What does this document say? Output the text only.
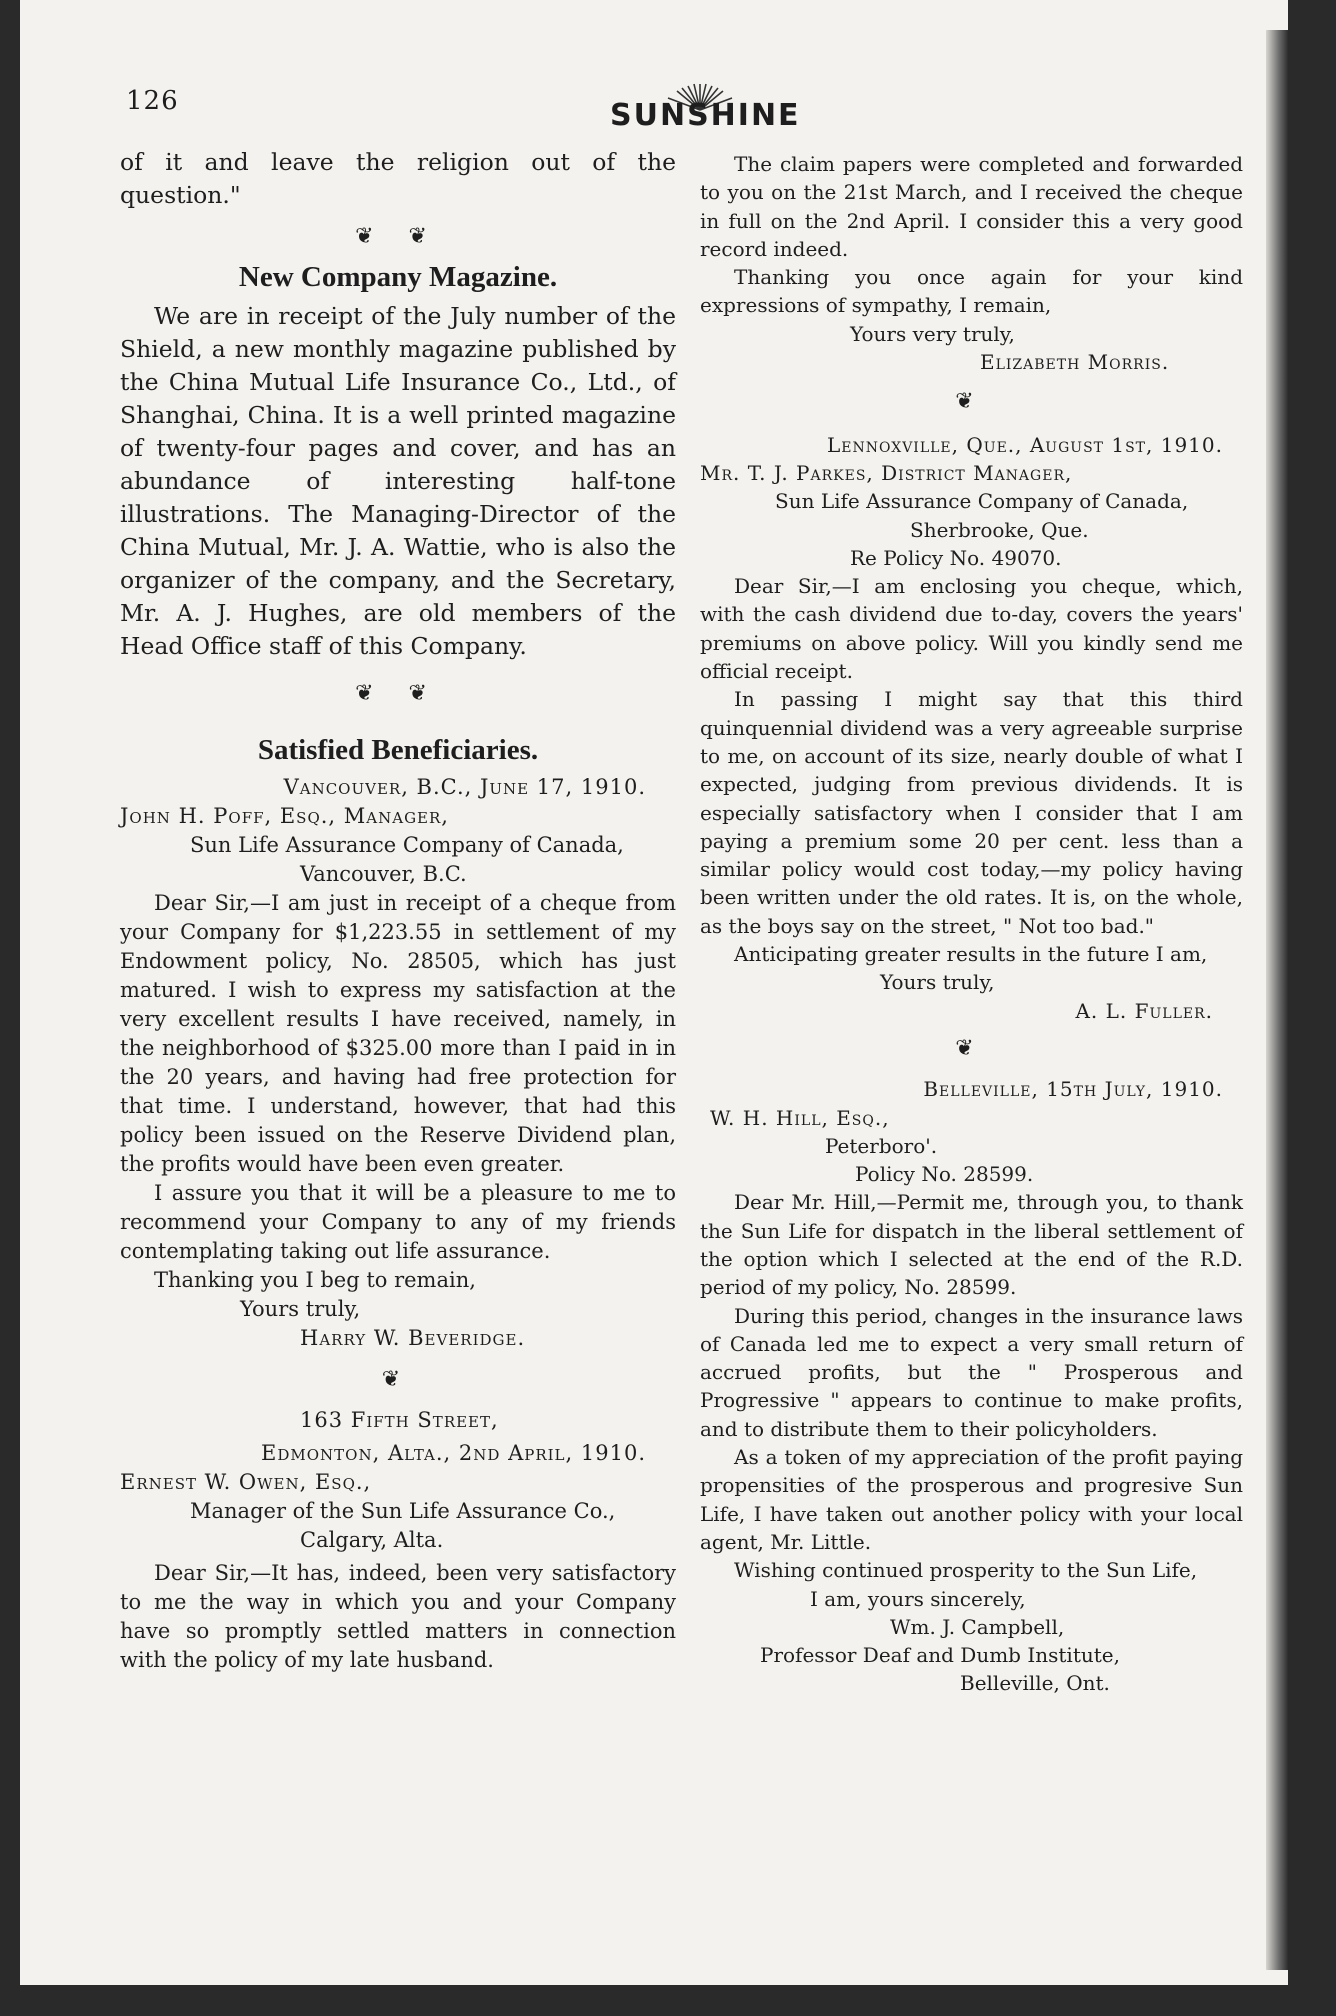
126	SUNSHINE

of it and leave the religion out of the question."

❦ ❦

New Company Magazine.

We are in receipt of the July number of the Shield, a new monthly magazine published by the China Mutual Life Insurance Co., Ltd., of Shanghai, China. It is a well printed magazine of twenty-four pages and cover, and has an abundance of interesting half-tone illustrations. The Managing-Director of the China Mutual, Mr. J. A. Wattie, who is also the organizer of the company, and the Secretary, Mr. A. J. Hughes, are old members of the Head Office staff of this Company.

❦ ❦

Satisfied Beneficiaries.

Vancouver, B.C., June 17, 1910.

John H. Poff, Esq., Manager,

Sun Life Assurance Company of Canada,

Vancouver, B.C.

Dear Sir,—I am just in receipt of a cheque from your Company for $1,223.55 in settlement of my Endowment policy, No. 28505, which has just matured. I wish to express my satisfaction at the very excellent results I have received, namely, in the neighborhood of $325.00 more than I paid in in the 20 years, and having had free protection for that time. I understand, however, that had this policy been issued on the Reserve Dividend plan, the profits would have been even greater.

I assure you that it will be a pleasure to me to recommend your Company to any of my friends contemplating taking out life assurance.

Thanking you I beg to remain,

Yours truly,

Harry W. Beveridge.

❦

163 Fifth Street,

Edmonton, Alta., 2nd April, 1910.

Ernest W. Owen, Esq.,

Manager of the Sun Life Assurance Co.,

Calgary, Alta.

Dear Sir,—It has, indeed, been very satisfactory to me the way in which you and your Company have so promptly settled matters in connection with the policy of my late husband.

The claim papers were completed and forwarded to you on the 21st March, and I received the cheque in full on the 2nd April. I consider this a very good record indeed.

Thanking you once again for your kind expressions of sympathy, I remain,

Yours very truly,

Elizabeth Morris.

❦

Lennoxville, Que., August 1st, 1910.

Mr. T. J. Parkes, District Manager,

Sun Life Assurance Company of Canada,

Sherbrooke, Que.

Re Policy No. 49070.

Dear Sir,—I am enclosing you cheque, which, with the cash dividend due to-day, covers the years' premiums on above policy. Will you kindly send me official receipt.

In passing I might say that this third quinquennial dividend was a very agreeable surprise to me, on account of its size, nearly double of what I expected, judging from previous dividends. It is especially satisfactory when I consider that I am paying a premium some 20 per cent. less than a similar policy would cost today,—my policy having been written under the old rates. It is, on the whole, as the boys say on the street, " Not too bad."

Anticipating greater results in the future I am,

Yours truly,

A. L. Fuller.

❦

Belleville, 15th July, 1910.

W. H. Hill, Esq.,

Peterboro'.

Policy No. 28599.

Dear Mr. Hill,—Permit me, through you, to thank the Sun Life for dispatch in the liberal settlement of the option which I selected at the end of the R.D. period of my policy, No. 28599.

During this period, changes in the insurance laws of Canada led me to expect a very small return of accrued profits, but the " Prosperous and Progressive " appears to continue to make profits, and to distribute them to their policyholders.

As a token of my appreciation of the profit paying propensities of the prosperous and progresive Sun Life, I have taken out another policy with your local agent, Mr. Little.

Wishing continued prosperity to the Sun Life,

I am, yours sincerely,

Wm. J. Campbell,

Professor Deaf and Dumb Institute,

Belleville, Ont.
